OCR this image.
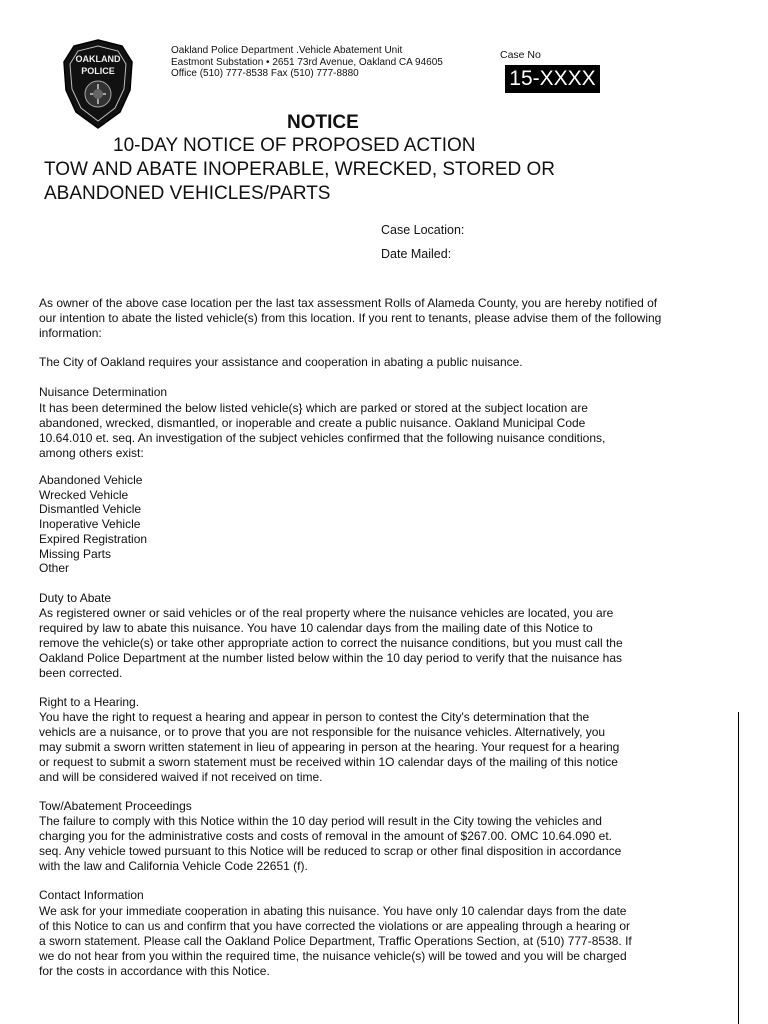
OAKLAND
POLICE
Oakland Police Department .Vehicle Abatement Unit
Eastmont Substation • 2651 73rd Avenue, Oakland CA 94605
Office (510) 777-8538 Fax (510) 777-8880
Case No
15-XXXX
NOTICE
10-DAY NOTICE OF PROPOSED ACTION
TOW AND ABATE INOPERABLE, WRECKED, STORED OR
ABANDONED VEHICLES/PARTS
Case Location:
Date Mailed:
As owner of the above case location per the last tax assessment Rolls of Alameda County, you are hereby notified of our intention to abate the listed vehicle(s) from this location. If you rent to tenants, please advise them of the following information:
The City of Oakland requires your assistance and cooperation in abating a public nuisance.
Nuisance Determination
It has been determined the below listed vehicle(s} which are parked or stored at the subject location are abandoned, wrecked, dismantled, or inoperable and create a public nuisance. Oakland Municipal Code 10.64.010 et. seq. An investigation of the subject vehicles confirmed that the following nuisance conditions, among others exist:
Abandoned Vehicle
Wrecked Vehicle
Dismantled Vehicle
Inoperative Vehicle
Expired Registration
Missing Parts
Other
Duty to Abate
As registered owner or said vehicles or of the real property where the nuisance vehicles are located, you are required by law to abate this nuisance. You have 10 calendar days from the mailing date of this Notice to remove the vehicle(s) or take other appropriate action to correct the nuisance conditions, but you must call the Oakland Police Department at the number listed below within the 10 day period to verify that the nuisance has been corrected.
Right to a Hearing.
You have the right to request a hearing and appear in person to contest the City's determination that the vehicls are a nuisance, or to prove that you are not responsible for the nuisance vehicles. Alternatively, you may submit a sworn written statement in lieu of appearing in person at the hearing. Your request for a hearing or request to submit a sworn statement must be received within 1O calendar days of the mailing of this notice and will be considered waived if not received on time.
Tow/Abatement Proceedings
The failure to comply with this Notice within the 10 day period will result in the City towing the vehicles and charging you for the administrative costs and costs of removal in the amount of $267.00. OMC 10.64.090 et. seq. Any vehicle towed pursuant to this Notice will be reduced to scrap or other final disposition in accordance with the law and California Vehicle Code 22651 (f).
Contact Information
We ask for your immediate cooperation in abating this nuisance. You have only 10 calendar days from the date of this Notice to can us and confirm that you have corrected the violations or are appealing through a hearing or a sworn statement. Please call the Oakland Police Department, Traffic Operations Section, at (510) 777-8538. If we do not hear from you within the required time, the nuisance vehicle(s) will be towed and you will be charged for the costs in accordance with this Notice.
